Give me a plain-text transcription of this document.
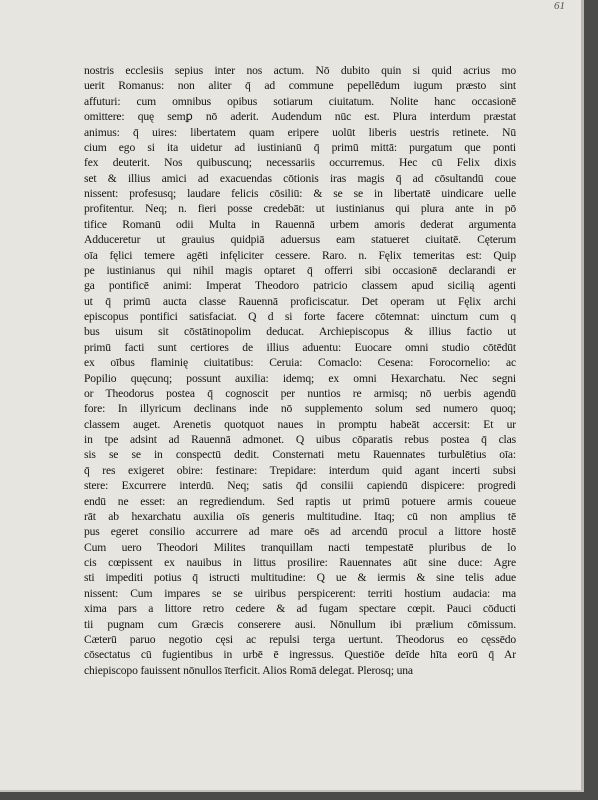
61
nostris ecclesiis sepius inter nos actum. Nō dubito quin si quid acrius mo
uerit Romanus: non aliter q̄ ad commune pepellēdum iugum præsto sint
affuturi: cum omnibus opibus sotiarum ciuitatum. Nolite hanc occasionē
omittere: quę semꝑ nō aderit. Audendum nūc est. Plura interdum præstat
animus: q̄ uires: libertatem quam eripere uolūt liberis uestris retinete. Nū
cium ego si ita uidetur ad iustinianū q̄ primū mittā: purgatum que ponti
fex deuterit. Nos quibuscunq; necessariis occurremus. Hec cū Felix dixis
set & illius amici ad exacuendas cōtionis iras magis q̄ ad cōsultandū coue
nissent: profesusq; laudare felicis cōsiliū: & se se in libertatē uindicare uelle
profitentur. Neq; n. fieri posse credebāt: ut iustinianus qui plura ante in pō
tifice Romanū odii Multa in Rauennā urbem amoris dederat argumenta
Adduceretur ut grauius quidpiā aduersus eam statueret ciuitatē. Cęterum
oīa fęlici temere agēti infęliciter cessere. Raro. n. Fęlix temeritas est: Quip
pe iustinianus qui nihil magis optaret q̄ offerri sibi occasionē declarandi er
ga pontificē animi: Imperat Theodoro patricio classem apud sicilią agenti
ut q̄ primū aucta classe Rauennā proficiscatur. Det operam ut Fęlix archi
episcopus pontifici satisfaciat. Q d si forte facere cōtemnat: uinctum cum q
bus uisum sit cōstātinopolim deducat. Archiepiscopus & illius factio ut
primū facti sunt certiores de illius aduentu: Euocare omni studio cōtēdūt
ex oībus flaminię ciuitatibus: Ceruia: Comaclo: Cesena: Forocornelio: ac
Popilio quęcunq; possunt auxilia: idemq; ex omni Hexarchatu. Nec segni
or Theodorus postea q̄ cognoscit per nuntios re armisq; nō uerbis agendū
fore: In illyricum declinans inde nō supplemento solum sed numero quoq;
classem auget. Arenetis quotquot naues in promptu habeāt accersit: Et ur
in tpe adsint ad Rauennā admonet. Q uibus cōparatis rebus postea q̄ clas
sis se se in conspectū dedit. Consternati metu Rauennates turbulētius oīa:
q̄ res exigeret obire: festinare: Trepidare: interdum quid agant incerti subsi
stere: Excurrere interdū. Neq; satis q̄d consilii capiendū dispicere: progredi
endū ne esset: an regrediendum. Sed raptis ut primū potuere armis coueue
rāt ab hexarchatu auxilia oīs generis multitudine. Itaq; cū non amplius tē
pus egeret consilio accurrere ad mare oēs ad arcendū procul a littore hostē
Cum uero Theodori Milites tranquillam nacti tempestatē pluribus de lo
cis cœpissent ex nauibus in littus prosilire: Rauennates aūt sine duce: Agre
sti impediti potius q̄ istructi multitudine: Q ue & iermis & sine telis adue
nissent: Cum impares se se uiribus perspicerent: territi hostium audacia: ma
xima pars a littore retro cedere & ad fugam spectare cœpit. Pauci cōducti
tii pugnam cum Græcis conserere ausi. Nōnullum ibi prælium cōmissum.
Cæterū paruo negotio cęsi ac repulsi terga uertunt. Theodorus eo cęssēdo
cōsectatus cū fugientibus in urbē ē ingressus. Questiōe deīde hīta eorū q̄ Ar
chiepiscopo fauissent nōnullos īterficit. Alios Romā delegat. Plerosq; una
